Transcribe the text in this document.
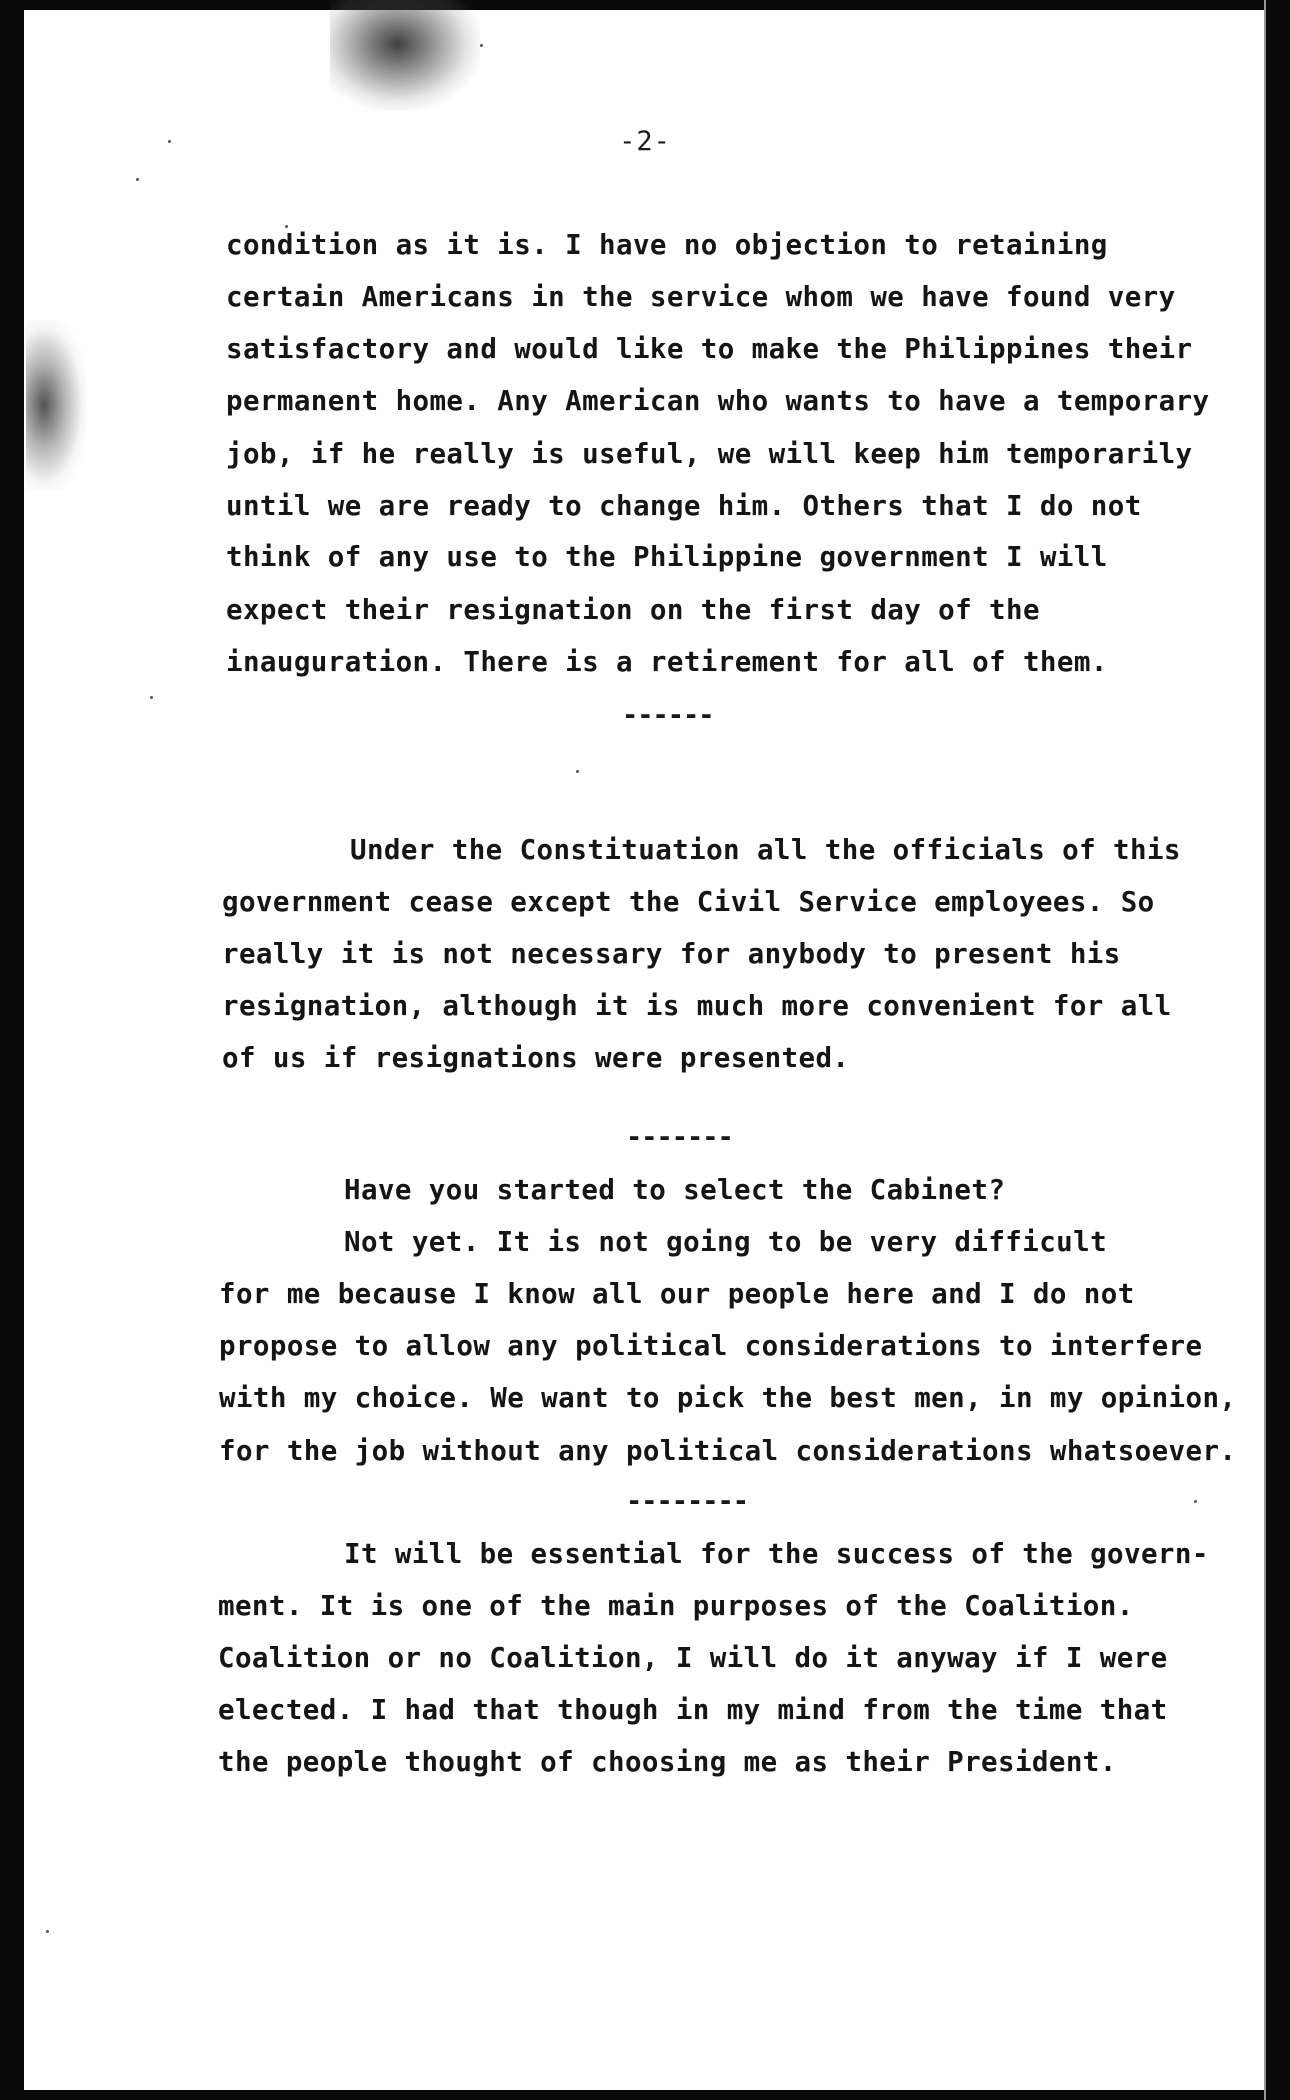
-2-
condition as it is. I have no objection to retaining
certain Americans in the service whom we have found very
satisfactory and would like to make the Philippines their
permanent home. Any American who wants to have a temporary
job, if he really is useful, we will keep him temporarily
until we are ready to change him. Others that I do not
think of any use to the Philippine government I will
expect their resignation on the first day of the
inauguration. There is a retirement for all of them.
------
Under the Constituation all the officials of this
government cease except the Civil Service employees. So
really it is not necessary for anybody to present his
resignation, although it is much more convenient for all
of us if resignations were presented.
-------
Have you started to select the Cabinet?
Not yet. It is not going to be very difficult
for me because I know all our people here and I do not
propose to allow any political considerations to interfere
with my choice. We want to pick the best men, in my opinion,
for the job without any political considerations whatsoever.
--------
It will be essential for the success of the govern-
ment. It is one of the main purposes of the Coalition.
Coalition or no Coalition, I will do it anyway if I were
elected. I had that though in my mind from the time that
the people thought of choosing me as their President.
